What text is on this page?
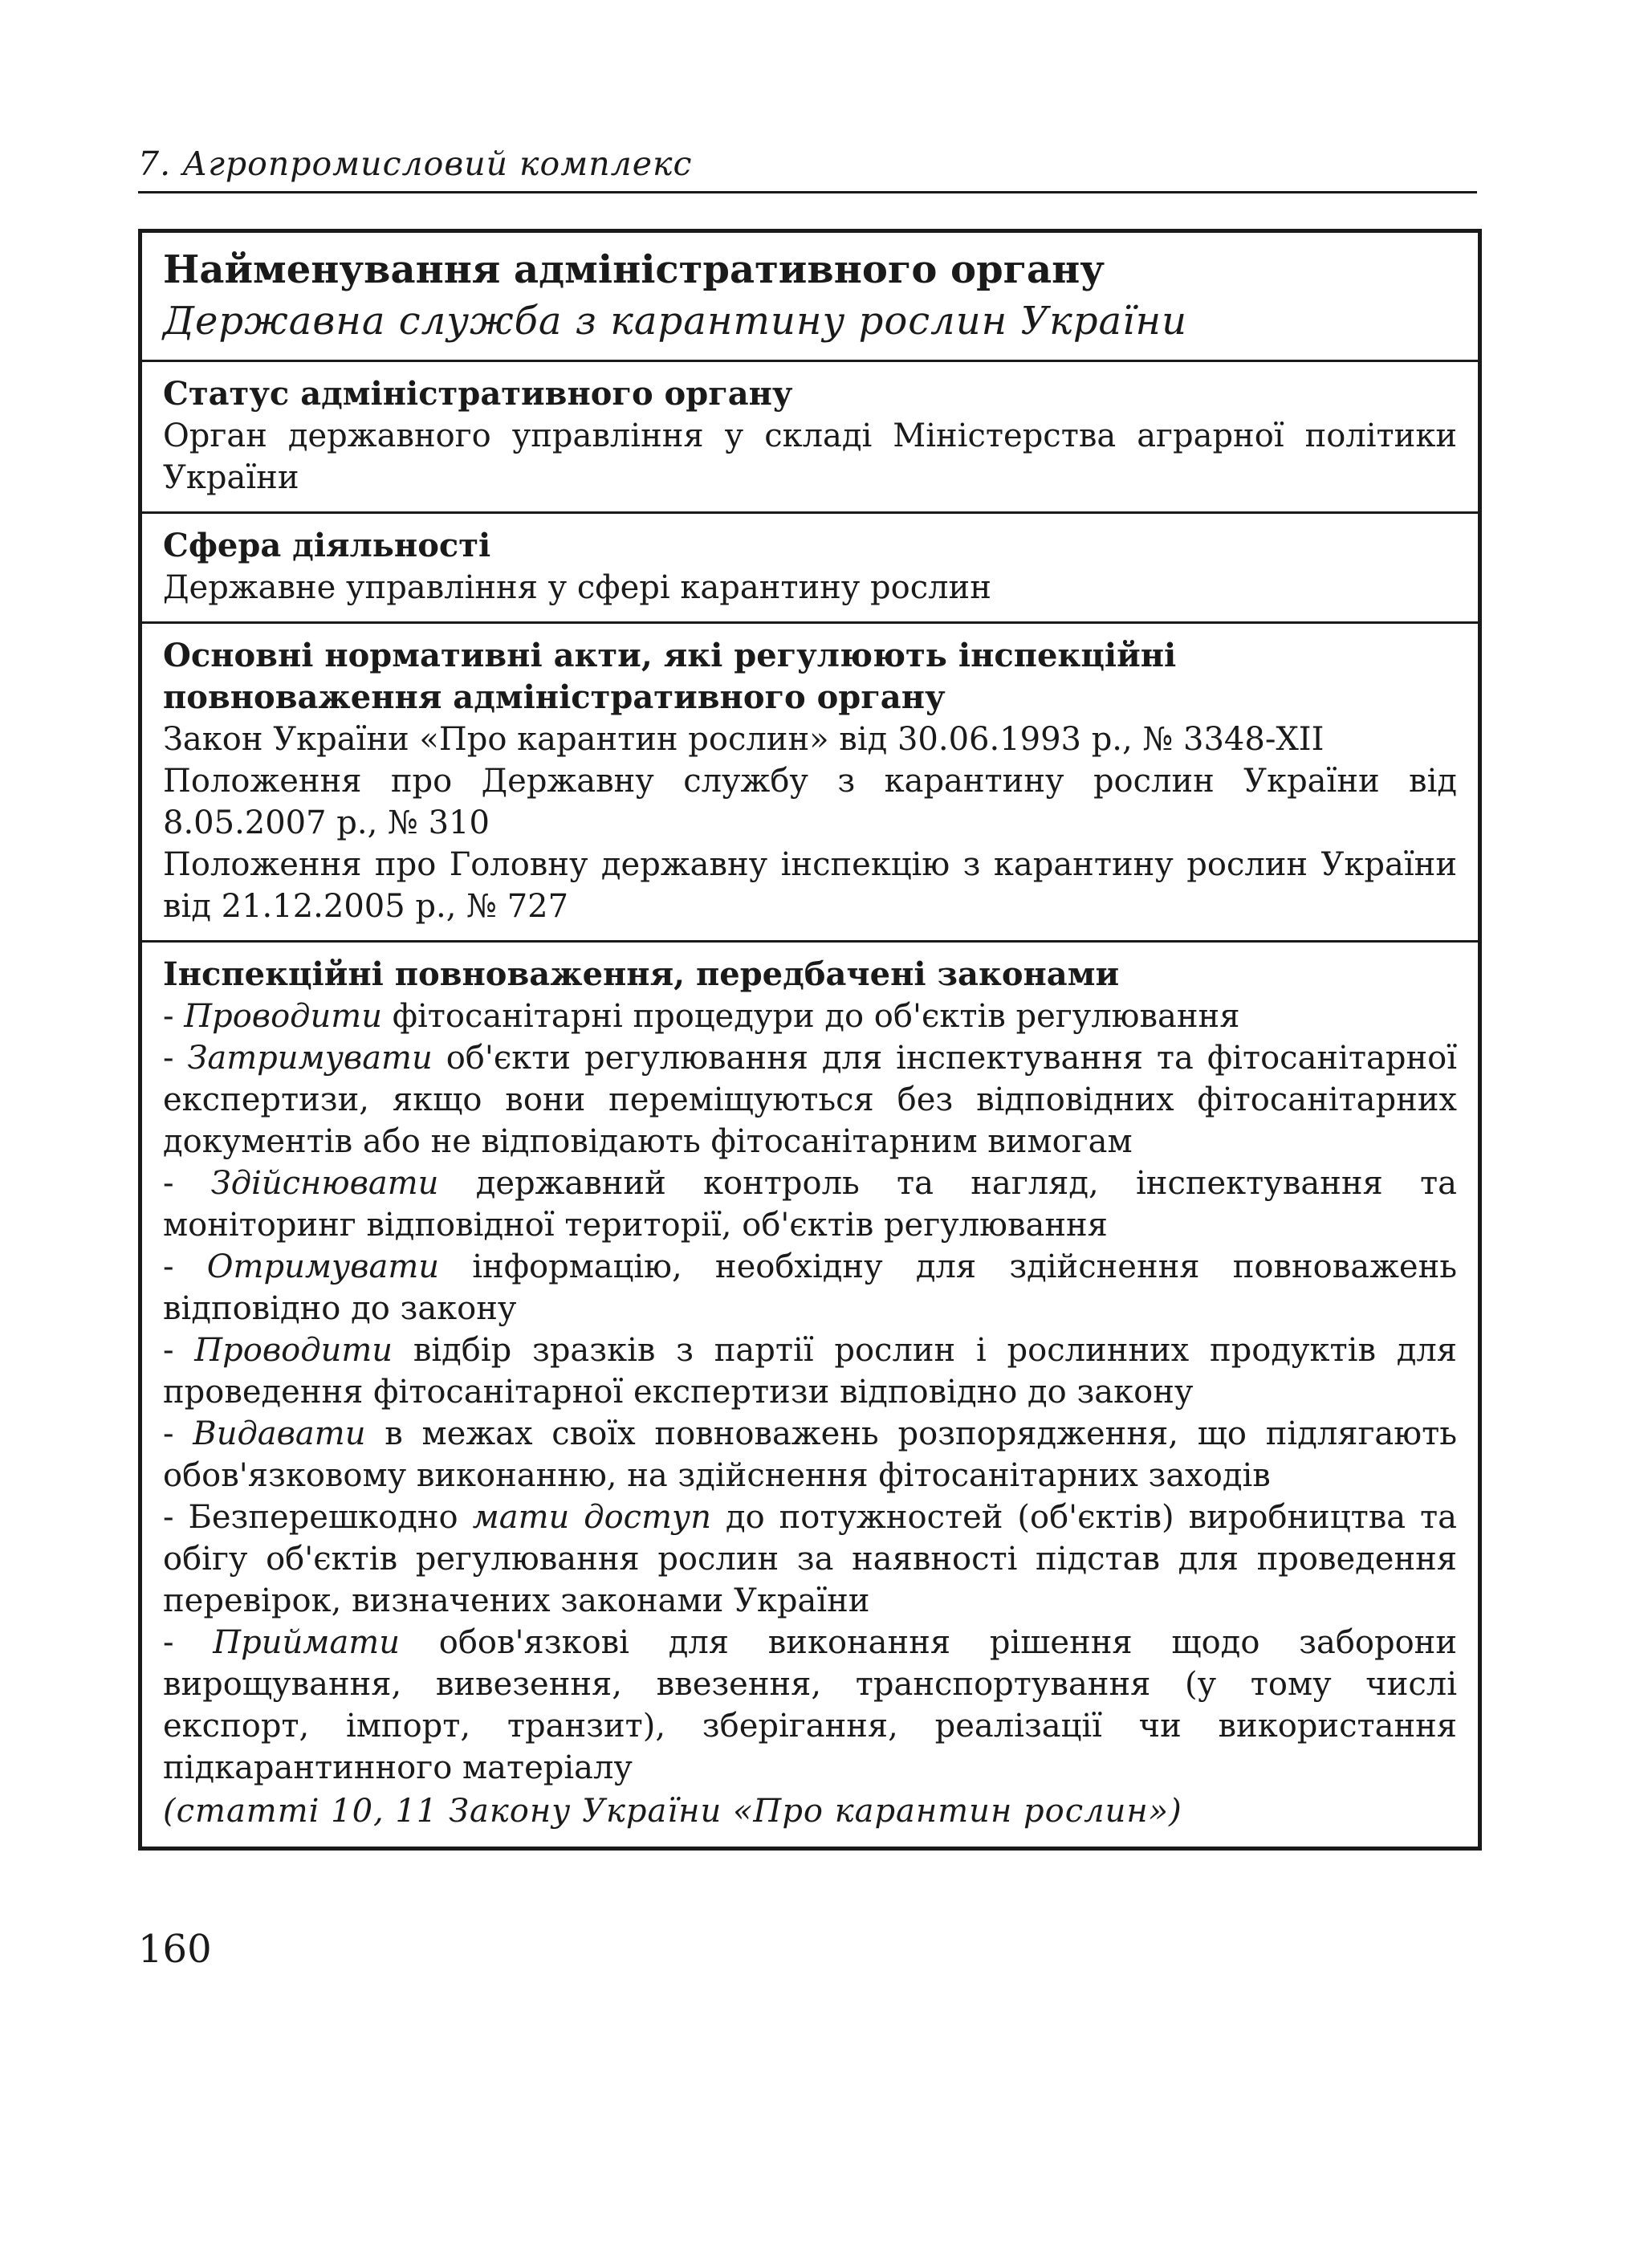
7. Агропромисловий комплекс
Найменування адміністративного органу
Державна служба з карантину рослин України
Статус адміністративного органу
Орган державного управління у складі Міністерства аграрної політики України
Сфера діяльності
Державне управління у сфері карантину рослин
Основні нормативні акти, які регулюють інспекційні повноваження адміністративного органу
Закон України «Про карантин рослин» від 30.06.1993 р., № 3348-XII
Положення про Державну службу з карантину рослин України від 8.05.2007 р., № 310
Положення про Головну державну інспекцію з карантину рослин України від 21.12.2005 р., № 727
Інспекційні повноваження, передбачені законами
- Проводити фітосанітарні процедури до об'єктів регулювання
- Затримувати об'єкти регулювання для інспектування та фітосанітарної експертизи, якщо вони переміщуються без відповідних фітосанітарних документів або не відповідають фітосанітарним вимогам
- Здійснювати державний контроль та нагляд, інспектування та моніторинг відповідної території, об'єктів регулювання
- Отримувати інформацію, необхідну для здійснення повноважень відповідно до закону
- Проводити відбір зразків з партії рослин і рослинних продуктів для проведення фітосанітарної експертизи відповідно до закону
- Видавати в межах своїх повноважень розпорядження, що підлягають обов'язковому виконанню, на здійснення фітосанітарних заходів
- Безперешкодно мати доступ до потужностей (об'єктів) виробництва та обігу об'єктів регулювання рослин за наявності підстав для проведення перевірок, визначених законами України
- Приймати обов'язкові для виконання рішення щодо заборони вирощування, вивезення, ввезення, транспортування (у тому числі експорт, імпорт, транзит), зберігання, реалізації чи використання підкарантинного матеріалу
(статті 10, 11 Закону України «Про карантин рослин»)
160
